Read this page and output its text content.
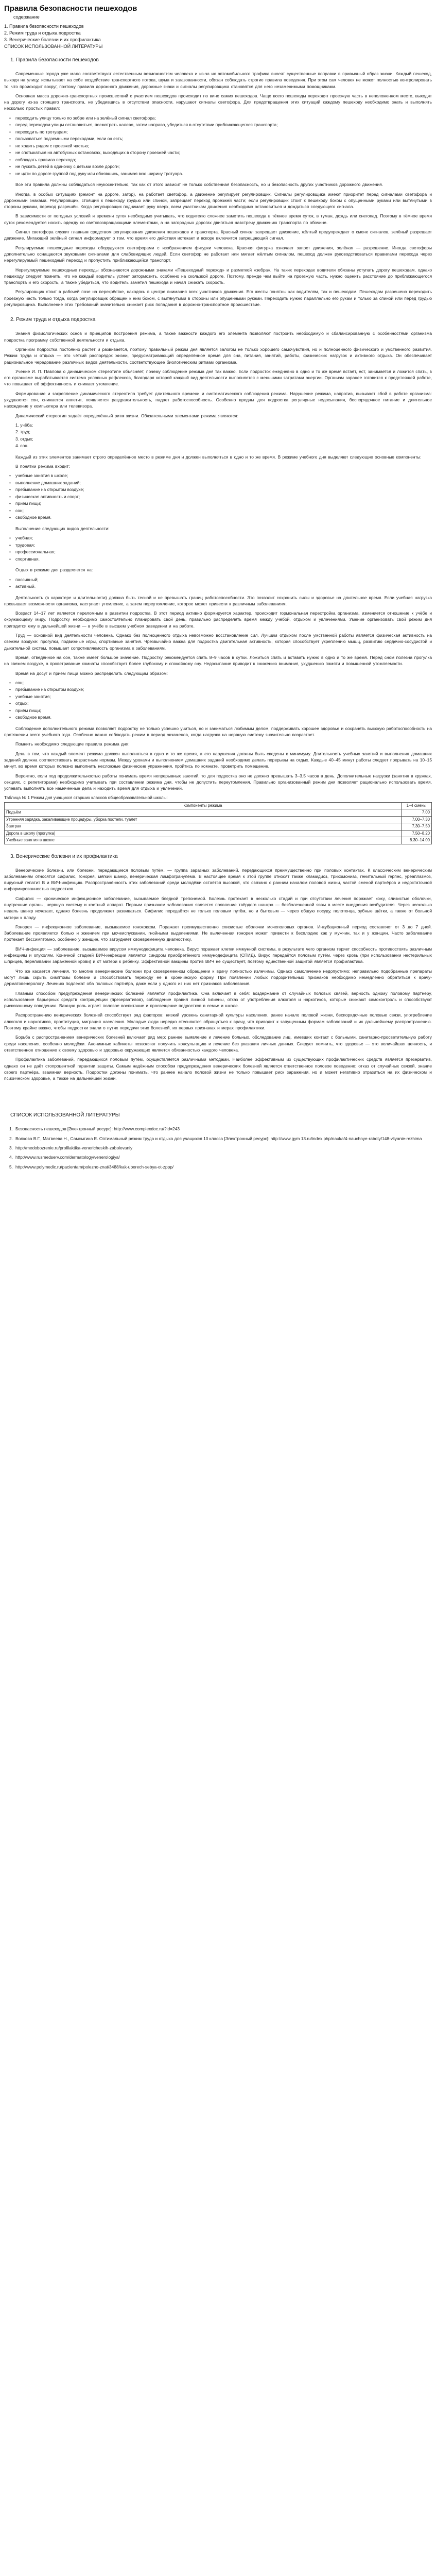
Правила безопасности пешеходов
содержание
1. Правила безопасности пешеходов
2. Режим труда и отдыха подростка
3. Венерические болезни и их профилактика
СПИСОК ИСПОЛЬЗОВАННОЙ ЛИТЕРАТУРЫ
1. Правила безопасности пешеходов

Современные города уже мало соответствуют естественным возможностям человека и из-за их автомобильного трафика вносят существенные поправки в привычный образ жизни. Каждый пешеход, выходя на улицу, испытывает на себе воздействие транспортного потока, шума и загазованности, обязан соблюдать строгие правила поведения. При этом сам человек не может полностью контролировать то, что происходит вокруг, поэтому правила дорожного движения, дорожные знаки и сигналы регулировщика становятся для него незаменимыми помощниками.

Основная масса дорожно-транспортных происшествий с участием пешеходов происходит по вине самих пешеходов. Чаще всего пешеходы переходят проезжую часть в неположенном месте, выходят на дорогу из-за стоящего транспорта, не убедившись в отсутствии опасности, нарушают сигналы светофора. Для предотвращения этих ситуаций каждому пешеходу необходимо знать и выполнять несколько простых правил:

• переходить улицу только по зебре или на зелёный сигнал светофора;
• перед переходом улицы остановиться, посмотреть налево, затем направо, убедиться в отсутствии приближающегося транспорта;
• переходить по тротуарам;
• пользоваться подземными переходами, если он есть;
• не ходить рядом с проезжей частью;
• не спотыкаться на автобусных остановках, выходящих в сторону проезжей части;
• соблюдать правила перехода;
• не пускать детей в одиночку с детьми возле дороги;
• не идти по дороге группой под руку или обнявшись, занимая всю ширину тротуара.

Все эти правила должны соблюдаться неукоснительно, так как от этого зависит не только собственная безопасность, но и безопасность других участников дорожного движения.

Иногда, в особых ситуациях (ремонт на дороге, затор), на работает светофор, а движение регулирует регулировщик. Сигналы регулировщика имеют приоритет перед сигналами светофора и дорожными знаками. Регулировщик, стоящий к пешеходу грудью или спиной, запрещает переход проезжей части; если регулировщик стоит к пешеходу боком с опущенными руками или вытянутыми в стороны руками, переход разрешён. Когда регулировщик поднимает руку вверх, всем участникам движения необходимо остановиться и дождаться следующего сигнала.

В зависимости от погодных условий и времени суток необходимо учитывать, что водителю сложнее заметить пешехода в тёмное время суток, в туман, дождь или снегопад. Поэтому в тёмное время суток рекомендуется носить одежду со световозвращающими элементами, а на загородных дорогах двигаться навстречу движению транспорта по обочине.

Сигнал светофора служит главным средством регулирования движения пешеходов и транспорта. Красный сигнал запрещает движение, жёлтый предупреждает о смене сигналов, зелёный разрешает движение. Мигающий зелёный сигнал информирует о том, что время его действия истекает и вскоре включится запрещающий сигнал.

Регулируемые пешеходные переходы оборудуются светофорами с изображением фигурки человека. Красная фигурка означает запрет движения, зелёная — разрешение. Иногда светофоры дополнительно оснащаются звуковыми сигналами для слабовидящих людей. Если светофор не работает или мигает жёлтым сигналом, пешеход должен руководствоваться правилами перехода через нерегулируемый пешеходный переход и пропустить приближающийся транспорт.

Нерегулируемые пешеходные переходы обозначаются дорожными знаками «Пешеходный переход» и разметкой «зебра». На таких переходах водители обязаны уступать дорогу пешеходам, однако пешеходу следует помнить, что не каждый водитель успеет затормозить, особенно на скользкой дороге. Поэтому, прежде чем выйти на проезжую часть, нужно оценить расстояние до приближающегося транспорта и его скорость, а также убедиться, что водитель заметил пешехода и начал снижать скорость.

Регулировщик стоит в рабочей позе на перекрёстке, находясь в центре внимания всех участников движения. Его жесты понятны как водителям, так и пешеходам. Пешеходам разрешено переходить проезжую часть только тогда, когда регулировщик обращён к ним боком, с вытянутыми в стороны или опущенными руками. Переходить нужно параллельно его рукам и только за спиной или перед грудью регулировщика. Выполнение этих требований значительно снижает риск попадания в дорожно-транспортное происшествие.

2. Режим труда и отдыха подростка

Знания физиологических основ и принципов построения режима, а также важности каждого его элемента позволяют построить необходимую и сбалансированную с особенностями организма подростка программу собственной деятельности и отдыха.

Организм подростка постоянно растёт и развивается, поэтому правильный режим дня является залогом не только хорошего самочувствия, но и полноценного физического и умственного развития. Режим труда и отдыха — это чёткий распорядок жизни, предусматривающий определённое время для сна, питания, занятий, работы, физических нагрузок и активного отдыха. Он обеспечивает рациональное чередование различных видов деятельности, соответствующее биологическим ритмам организма.

Учение И. П. Павлова о динамическом стереотипе объясняет, почему соблюдение режима дня так важно. Если подросток ежедневно в одно и то же время встаёт, ест, занимается и ложится спать, в его организме вырабатывается система условных рефлексов, благодаря которой каждый вид деятельности выполняется с меньшими затратами энергии. Организм заранее готовится к предстоящей работе, что повышает её эффективность и снижает утомление.

Формирование и закрепление динамического стереотипа требует длительного времени и систематического соблюдения режима. Нарушение режима, напротив, вызывает сбой в работе организма: ухудшается сон, снижается аппетит, появляется раздражительность, падает работоспособность. Особенно вредны для подростка регулярные недосыпания, беспорядочное питание и длительное нахождение у компьютера или телевизора.

Динамический стереотип задаёт определённый ритм жизни. Обязательными элементами режима являются:

1. учёба;
2. труд;
3. отдых;
4. сон.

Каждый из этих элементов занимает строго определённое место в режиме дня и должен выполняться в одно и то же время. В режиме учебного дня выделяют следующие основные компоненты:

В понятии режима входит:

• учебные занятия в школе;
• выполнение домашних заданий;
• пребывание на открытом воздухе;
• физическая активность и спорт;
• приём пищи;
• сон;
• свободное время.

Выполнение следующих видов деятельности:

• учебная;
• трудовая;
• профессиональная;
• спортивная.

Отдых в режиме дня разделяется на:

• пассивный;
• активный.

Деятельность (в характере и длительности) должна быть тесной и не превышать границ работоспособности. Это позволит сохранить силы и здоровье на длительное время. Если учебная нагрузка превышает возможности организма, наступает утомление, а затем переутомление, которое может привести к различным заболеваниям.

Возраст 14–17 лет является переломным в развитии подростка. В этот период активно формируется характер, происходит гормональная перестройка организма, изменяется отношение к учёбе и окружающему миру. Подростку необходимо самостоятельно планировать свой день, правильно распределять время между учёбой, отдыхом и увлечениями. Умение организовать свой режим дня пригодится ему в дальнейшей жизни — в учёбе в высшем учебном заведении и на работе.

Труд — основной вид деятельности человека. Однако без полноценного отдыха невозможно восстановление сил. Лучшим отдыхом после умственной работы является физическая активность на свежем воздухе: прогулки, подвижные игры, спортивные занятия. Чрезвычайно важна для подростка двигательная активность, которая способствует укреплению мышц, развитию сердечно-сосудистой и дыхательной систем, повышает сопротивляемость организма к заболеваниям.

Время, отведённое на сон, также имеет большое значение. Подростку рекомендуется спать 8–9 часов в сутки. Ложиться спать и вставать нужно в одно и то же время. Перед сном полезна прогулка на свежем воздухе, а проветривание комнаты способствует более глубокому и спокойному сну. Недосыпание приводит к снижению внимания, ухудшению памяти и повышенной утомляемости.

Время на досуг и приём пищи можно распределить следующим образом:

• сон;
• пребывание на открытом воздухе;
• учебные занятия;
• отдых;
• приём пищи;
• свободное время.

Соблюдение дополнительного режима позволяет подростку не только успешно учиться, но и заниматься любимым делом, поддерживать хорошее здоровье и сохранять высокую работоспособность на протяжении всего учебного года. Особенно важно соблюдать режим в период экзаменов, когда нагрузка на нервную систему значительно возрастает.

Помнить необходимо следующие правила режима дня:

День в том, что каждый элемент режима должен выполняться в одно и то же время, а его нарушения должны быть сведены к минимуму. Длительность учебных занятий и выполнения домашних заданий должна соответствовать возрастным нормам. Между уроками и выполнением домашних заданий необходимо делать перерывы на отдых. Каждые 40–45 минут работы следует прерывать на 10–15 минут, во время которых полезно выполнить несложные физические упражнения, пройтись по комнате, проветрить помещение.

Вероятно, если под продолжительностью работы понимать время непрерывных занятий, то для подростка оно не должно превышать 3–3,5 часов в день. Дополнительные нагрузки (занятия в кружках, секциях, с репетиторами) необходимо учитывать при составлении режима дня, чтобы не допустить переутомления. Правильно организованный режим дня позволяет рационально использовать время, успевать выполнять все намеченные дела и находить время для отдыха и увлечений.

Таблица № 1 Режим дня учащихся старших классов общеобразовательной школы:
Компоненты режима	1–4 смены
Подъём	7.00
Утренняя зарядка, закаливающие процедуры, уборка постели, туалет	7.00–7.30
Завтрак	7.30–7.50
Дорога в школу (прогулка)	7.50–8.20
Учебные занятия в школе	8.30–14.00
3. Венерические болезни и их профилактика

Венерические болезни, или болезни, передающиеся половым путём, — группа заразных заболеваний, передающихся преимущественно при половых контактах. К классическим венерическим заболеваниям относятся сифилис, гонорея, мягкий шанкр, венерическая лимфогранулёма. В настоящее время к этой группе относят также хламидиоз, трихомониаз, генитальный герпес, уреаплазмоз, вирусный гепатит B и ВИЧ-инфекцию. Распространённость этих заболеваний среди молодёжи остаётся высокой, что связано с ранним началом половой жизни, частой сменой партнёров и недостаточной информированностью подростков.

Сифилис — хроническое инфекционное заболевание, вызываемое бледной трепонемой. Болезнь протекает в несколько стадий и при отсутствии лечения поражает кожу, слизистые оболочки, внутренние органы, нервную систему и костный аппарат. Первым признаком заболевания является появление твёрдого шанкра — безболезненной язвы в месте внедрения возбудителя. Через несколько недель шанкр исчезает, однако болезнь продолжает развиваться. Сифилис передаётся не только половым путём, но и бытовым — через общую посуду, полотенца, зубные щётки, а также от больной матери к плоду.

Гонорея — инфекционное заболевание, вызываемое гонококком. Поражает преимущественно слизистые оболочки мочеполовых органов. Инкубационный период составляет от 3 до 7 дней. Заболевание проявляется болью и жжением при мочеиспускании, гнойными выделениями. Не вылеченная гонорея может привести к бесплодию как у мужчин, так и у женщин. Часто заболевание протекает бессимптомно, особенно у женщин, что затрудняет своевременную диагностику.

ВИЧ-инфекция — заболевание, вызываемое вирусом иммунодефицита человека. Вирус поражает клетки иммунной системы, в результате чего организм теряет способность противостоять различным инфекциям и опухолям. Конечной стадией ВИЧ-инфекции является синдром приобретённого иммунодефицита (СПИД). Вирус передаётся половым путём, через кровь (при использовании нестерильных шприцев, переливании заражённой крови) и от матери к ребёнку. Эффективной вакцины против ВИЧ не существует, поэтому единственной защитой является профилактика.

Что же касается лечения, то многие венерические болезни при своевременном обращении к врачу полностью излечимы. Однако самолечение недопустимо: неправильно подобранные препараты могут лишь скрыть симптомы болезни и способствовать переходу её в хроническую форму. При появлении любых подозрительных признаков необходимо немедленно обратиться к врачу-дерматовенерологу. Лечению подлежат оба половых партнёра, даже если у одного из них нет признаков заболевания.

Главным способом предупреждения венерических болезней является профилактика. Она включает в себя: воздержание от случайных половых связей, верность одному половому партнёру, использование барьерных средств контрацепции (презервативов), соблюдение правил личной гигиены, отказ от употребления алкоголя и наркотиков, которые снижают самоконтроль и способствуют рискованному поведению. Важную роль играет половое воспитание и просвещение подростков в семье и школе.

Распространению венерических болезней способствует ряд факторов: низкий уровень санитарной культуры населения, ранее начало половой жизни, беспорядочные половые связи, употребление алкоголя и наркотиков, проституция, миграция населения. Молодые люди нередко стесняются обращаться к врачу, что приводит к запущенным формам заболеваний и их дальнейшему распространению. Поэтому крайне важно, чтобы подростки знали о путях передачи этих болезней, их первых признаках и мерах профилактики.

Борьба с распространением венерических болезней включает ряд мер: раннее выявление и лечение больных, обследование лиц, имевших контакт с больными, санитарно-просветительную работу среди населения, особенно молодёжи. Анонимные кабинеты позволяют получить консультацию и лечение без указания личных данных. Следует помнить, что здоровье — это величайшая ценность, и ответственное отношение к своему здоровью и здоровью окружающих является обязанностью каждого человека.

Профилактика заболеваний, передающихся половым путём, осуществляется различными методами. Наиболее эффективным из существующих профилактических средств является презерватив, однако он не даёт стопроцентной гарантии защиты. Самым надёжным способом предупреждения венерических болезней является ответственное половое поведение: отказ от случайных связей, знание своего партнёра, взаимная верность. Подростки должны понимать, что раннее начало половой жизни не только повышает риск заражения, но и может негативно отразиться на их физическом и психическом здоровье, а также на дальнейшей жизни.

СПИСОК ИСПОЛЬЗОВАННОЙ ЛИТЕРАТУРЫ
1. Безопасность пешеходов [Электронный ресурс]: http://www.complexdoc.ru/?id=243
2. Волкова В.Г., Матвеева Н., Самсыгина Е. Оптимальный режим труда и отдыха для учащихся 10 класса [Электронный ресурс]: http://www.gym 13.ru/index.php/nauka/4-nauchnye-raboty/148-vliyanie-rezhima
3. http://medobozrenie.ru/profilaktika-venericheskih-zabolevaniy
4. http://www.rusmedserv.com/dermatology/venerologiya/
5. http://www.polymedic.ru/pacientam/polezno-znat/3488/kak-uberech-sebya-ot-zppp/
